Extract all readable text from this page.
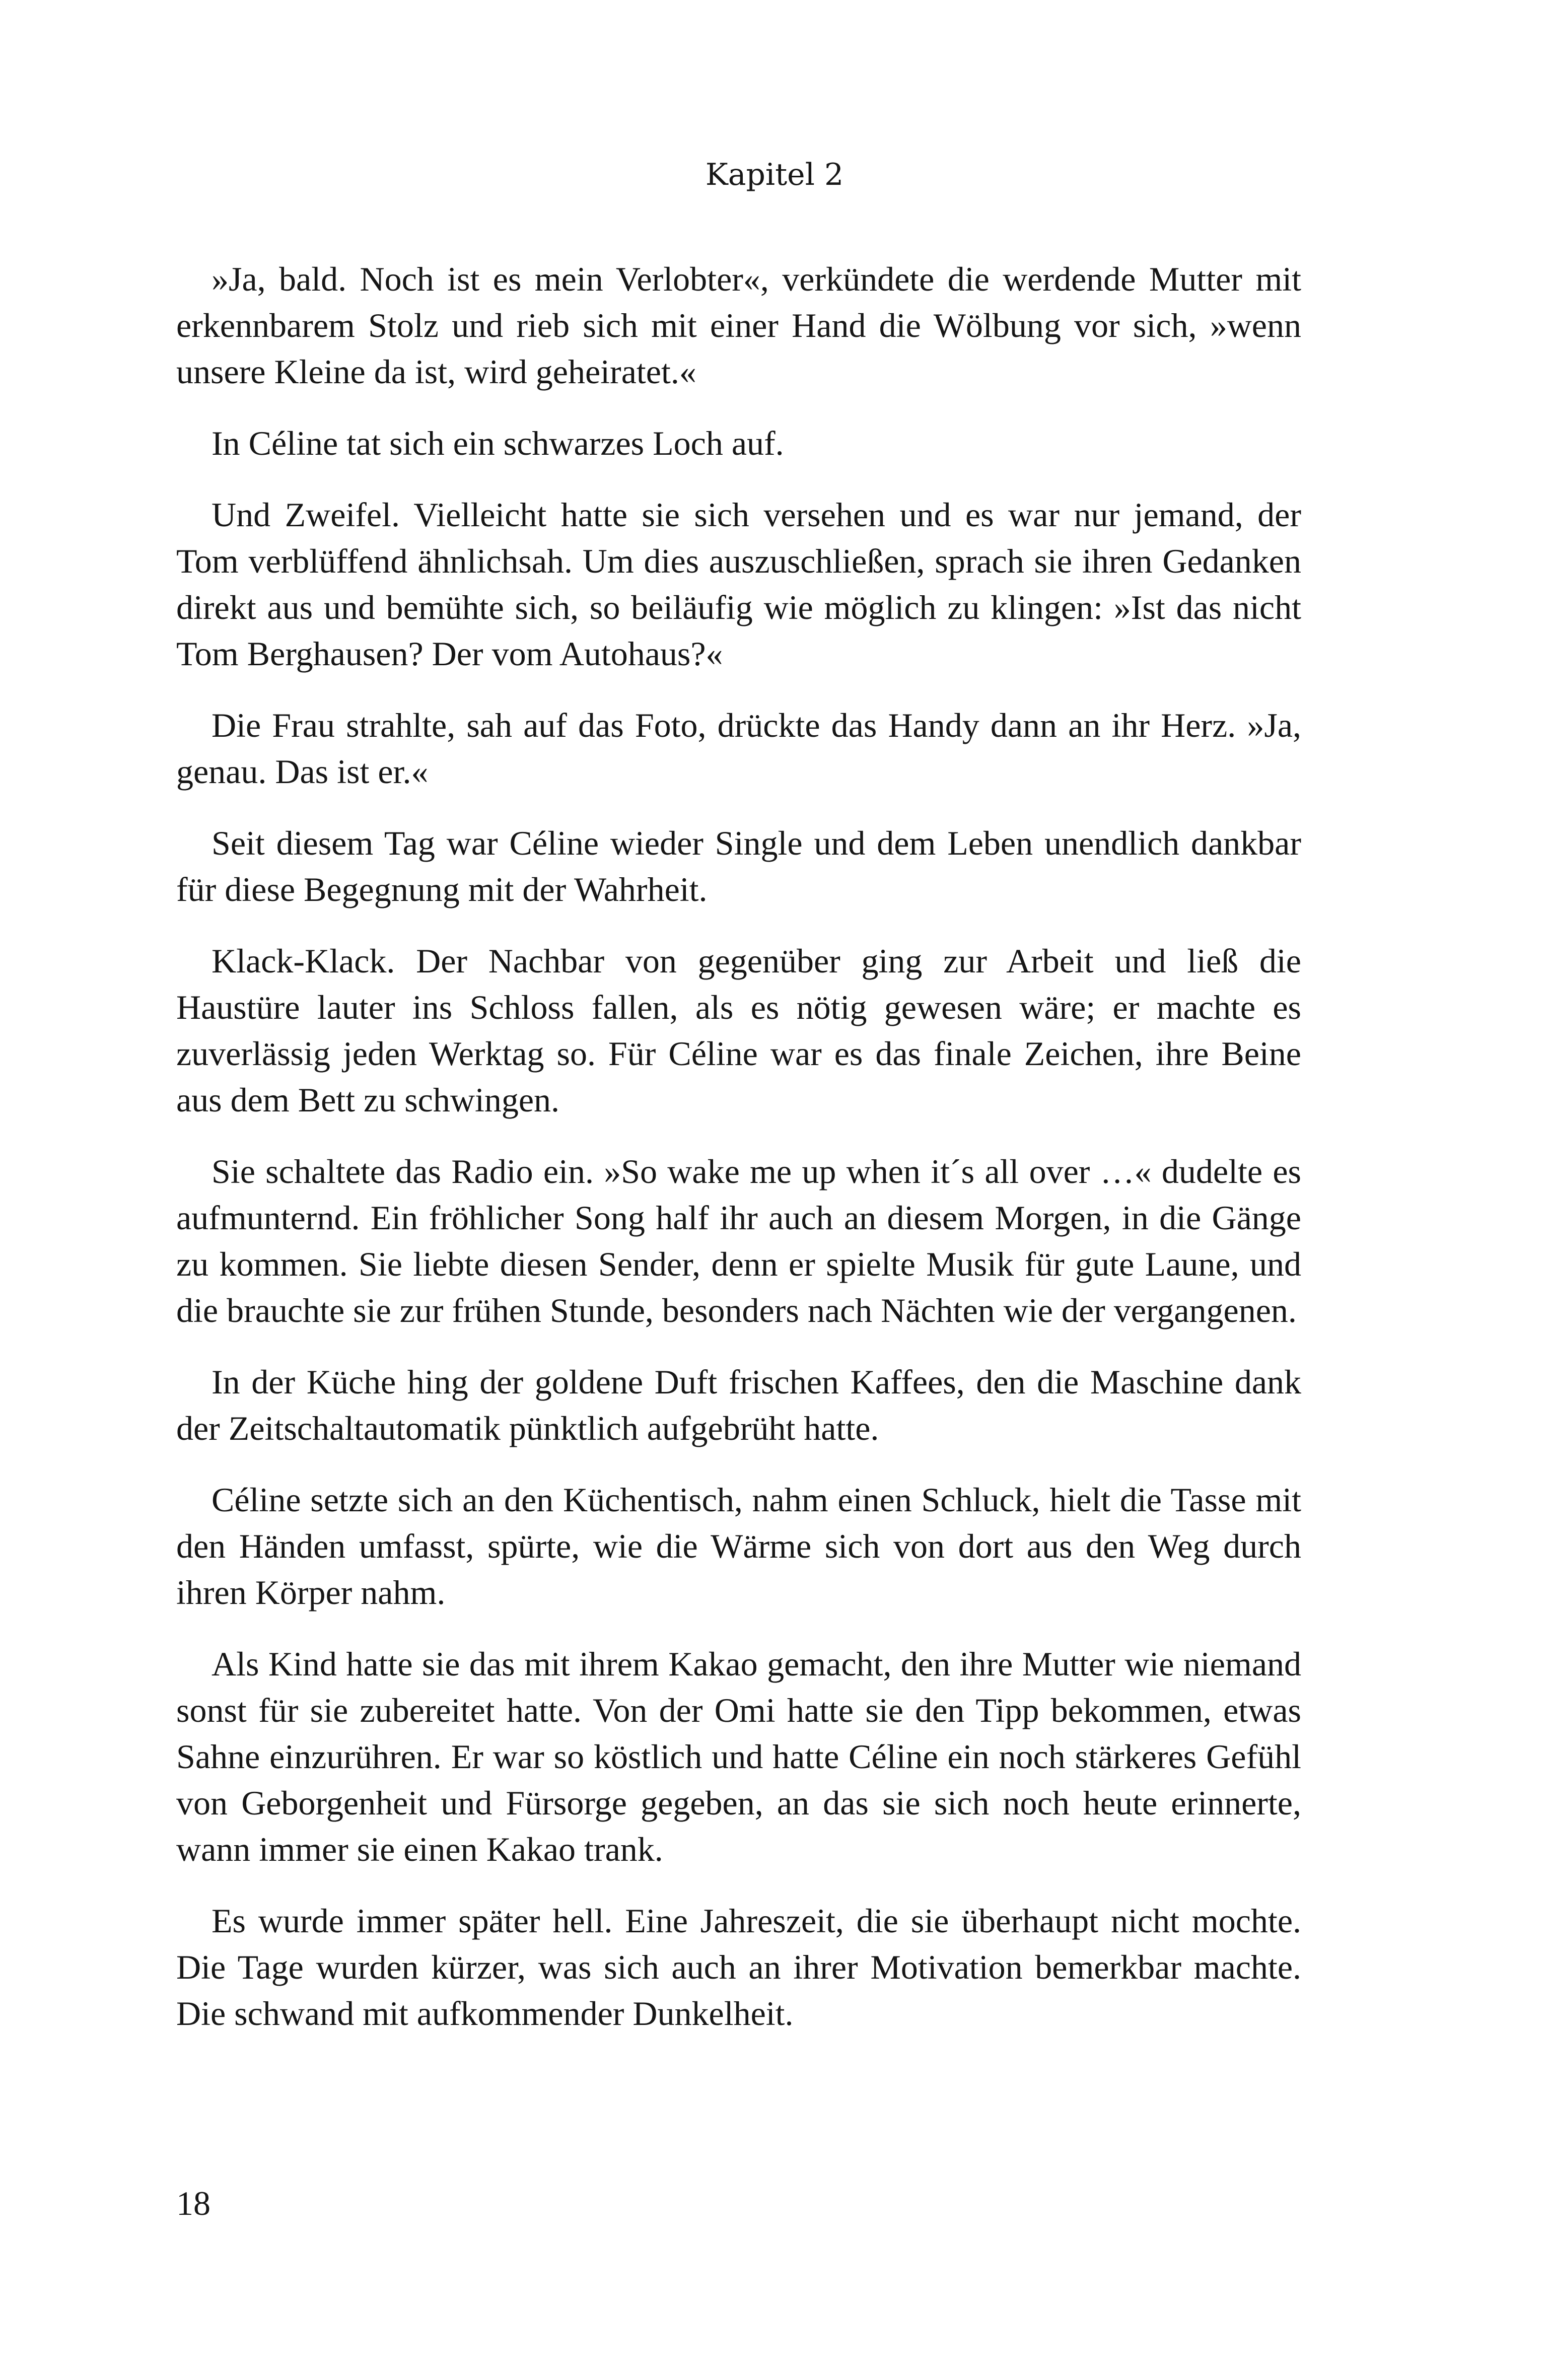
Kapitel 2

»Ja, bald. Noch ist es mein Verlobter«, verkündete die werdende Mutter mit erkennbarem Stolz und rieb sich mit einer Hand die Wölbung vor sich, »wenn unsere Kleine da ist, wird geheiratet.«

In Céline tat sich ein schwarzes Loch auf.

Und Zweifel. Vielleicht hatte sie sich versehen und es war nur jemand, der Tom verblüffend ähnlichsah. Um dies auszuschließen, sprach sie ihren Gedanken direkt aus und bemühte sich, so beiläufig wie möglich zu klingen: »Ist das nicht Tom Berghausen? Der vom Autohaus?«

Die Frau strahlte, sah auf das Foto, drückte das Handy dann an ihr Herz. »Ja, genau. Das ist er.«

Seit diesem Tag war Céline wieder Single und dem Leben unendlich dankbar für diese Begegnung mit der Wahrheit.

Klack-Klack. Der Nachbar von gegenüber ging zur Arbeit und ließ die Haustüre lauter ins Schloss fallen, als es nötig gewesen wäre; er machte es zuverlässig jeden Werktag so. Für Céline war es das finale Zeichen, ihre Beine aus dem Bett zu schwingen.

Sie schaltete das Radio ein. »So wake me up when it´s all over …« dudelte es aufmunternd. Ein fröhlicher Song half ihr auch an diesem Morgen, in die Gänge zu kommen. Sie liebte diesen Sender, denn er spielte Musik für gute Laune, und die brauchte sie zur frühen Stunde, besonders nach Nächten wie der vergangenen.

In der Küche hing der goldene Duft frischen Kaffees, den die Maschine dank der Zeitschaltautomatik pünktlich aufgebrüht hatte.

Céline setzte sich an den Küchentisch, nahm einen Schluck, hielt die Tasse mit den Händen umfasst, spürte, wie die Wärme sich von dort aus den Weg durch ihren Körper nahm.

Als Kind hatte sie das mit ihrem Kakao gemacht, den ihre Mutter wie niemand sonst für sie zubereitet hatte. Von der Omi hatte sie den Tipp bekommen, etwas Sahne einzurühren. Er war so köstlich und hatte Céline ein noch stärkeres Gefühl von Geborgenheit und Fürsorge gegeben, an das sie sich noch heute erinnerte, wann immer sie einen Kakao trank.

Es wurde immer später hell. Eine Jahreszeit, die sie überhaupt nicht mochte. Die Tage wurden kürzer, was sich auch an ihrer Motivation bemerkbar machte. Die schwand mit aufkommender Dunkelheit.

18
